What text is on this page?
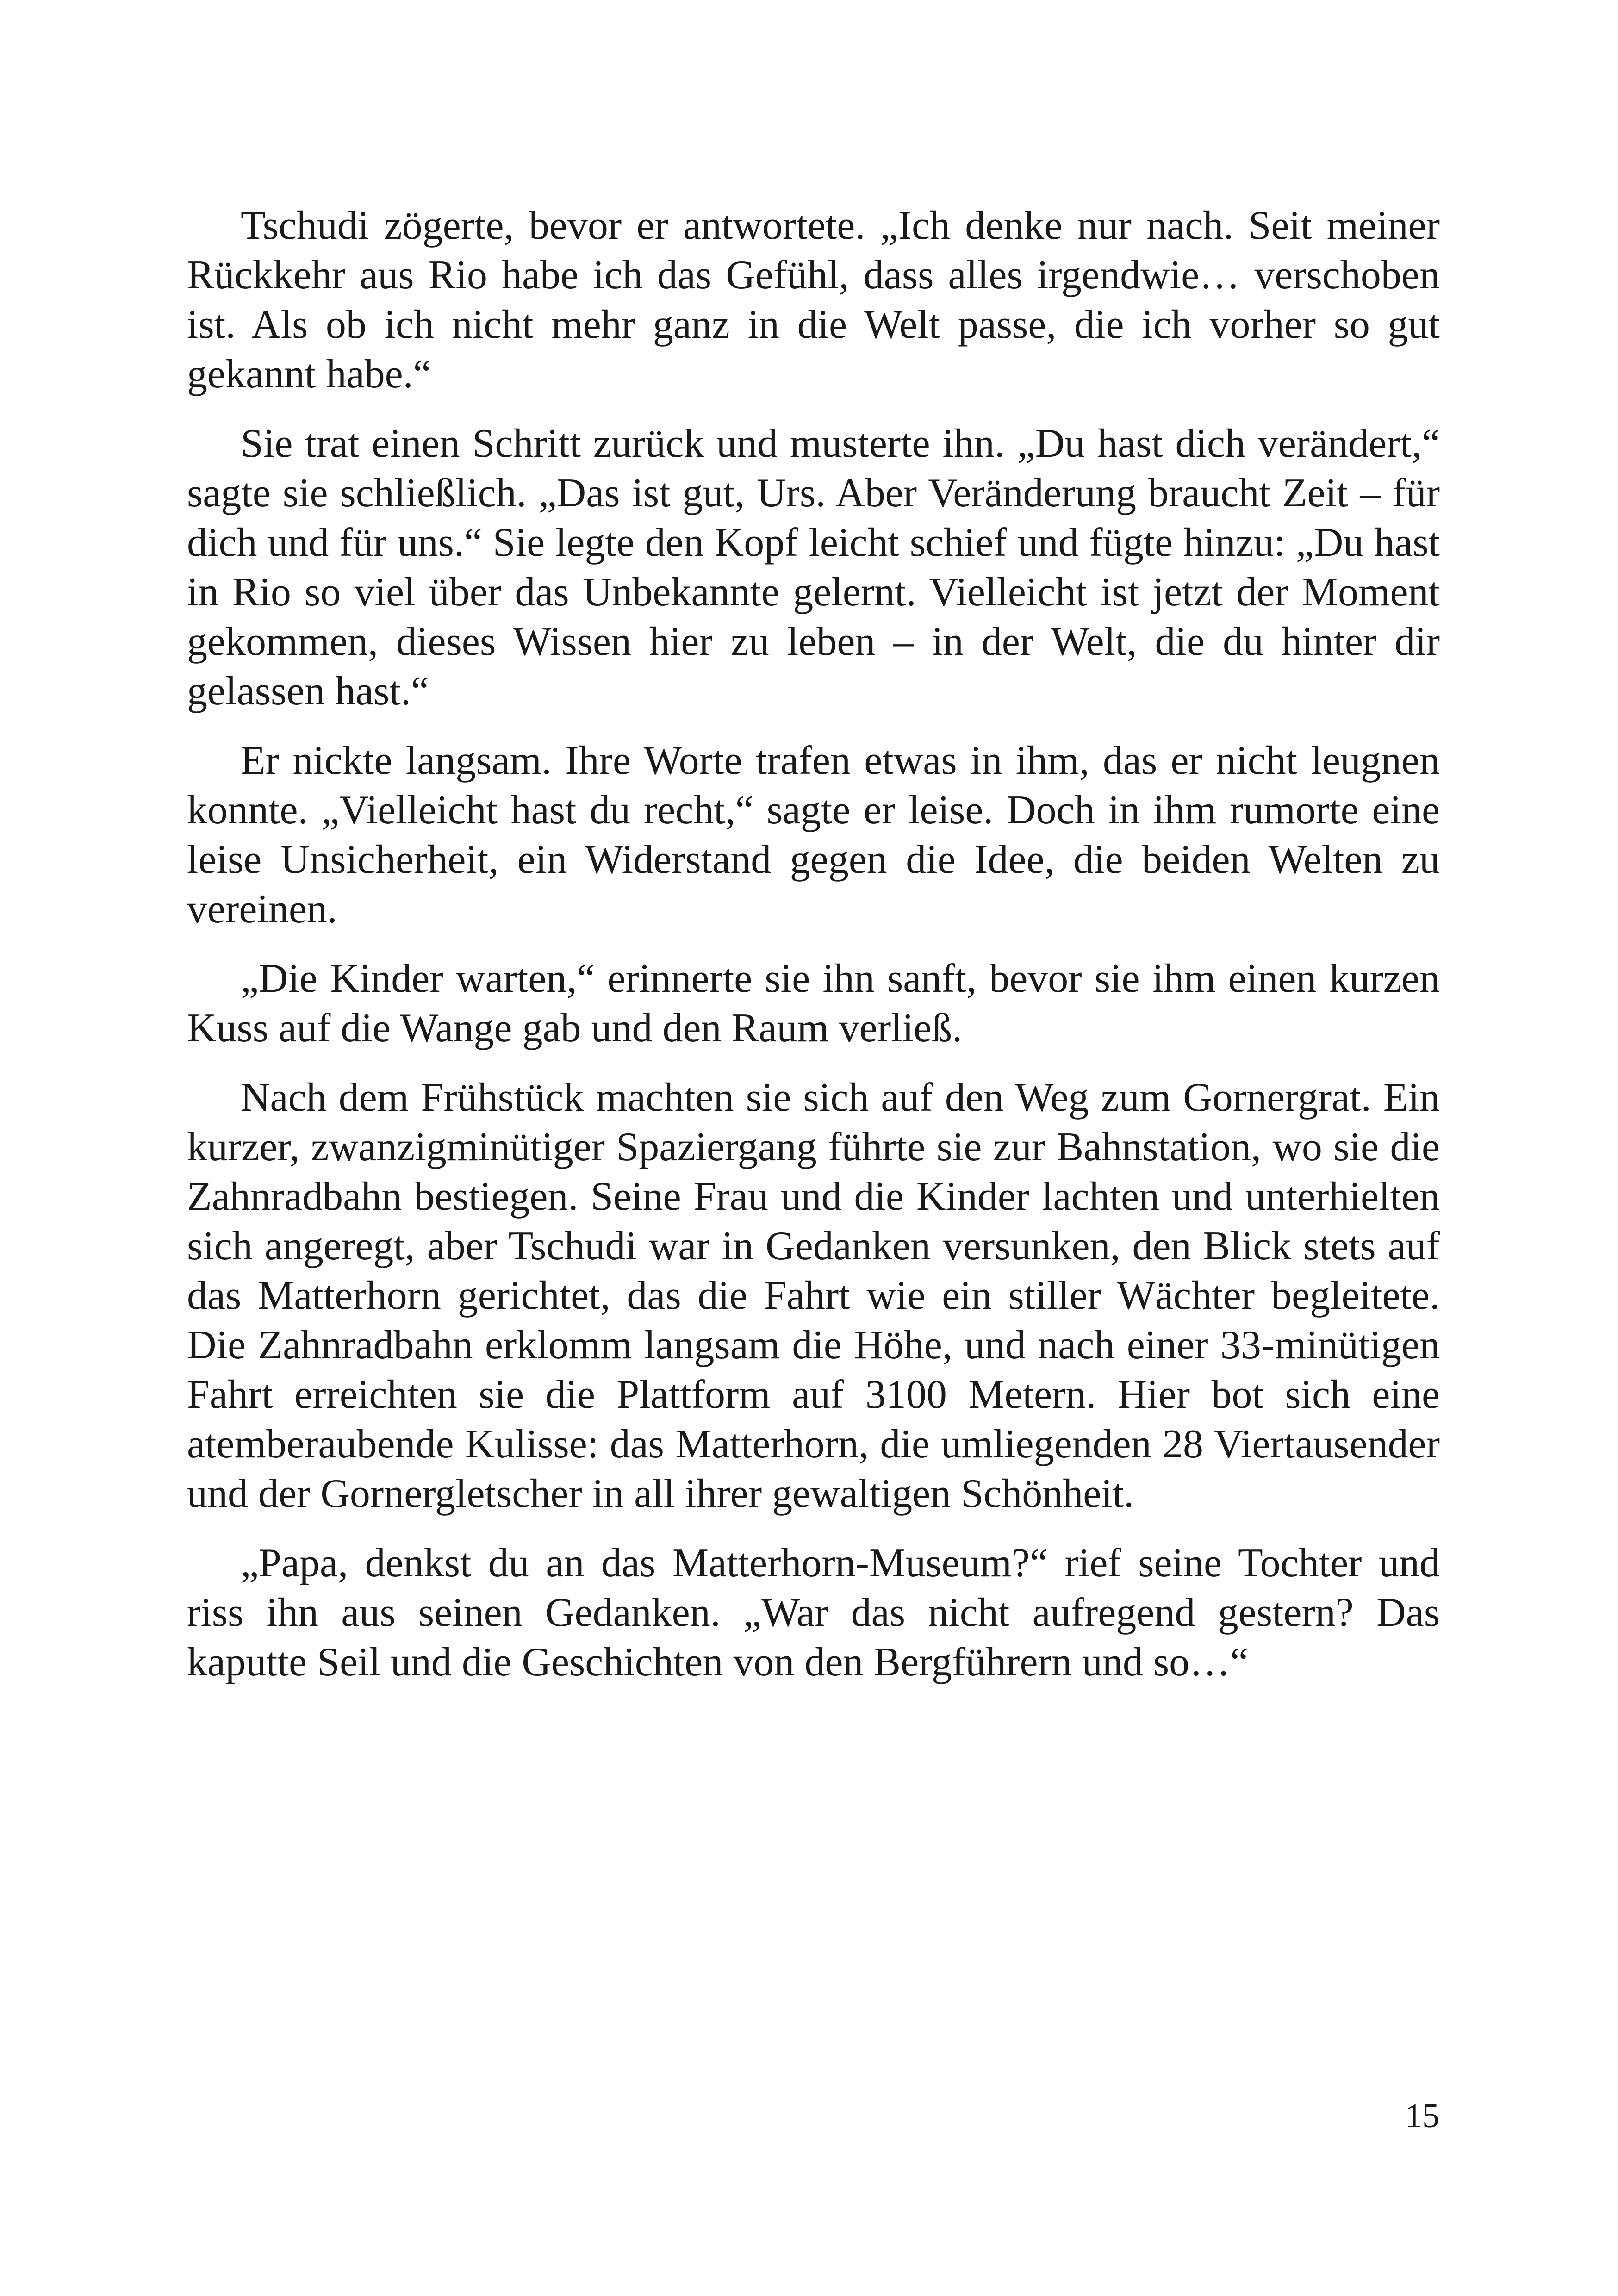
Tschudi zögerte, bevor er antwortete. „Ich denke nur nach. Seit meiner Rückkehr aus Rio habe ich das Gefühl, dass alles irgendwie… verschoben ist. Als ob ich nicht mehr ganz in die Welt passe, die ich vorher so gut gekannt habe.“

Sie trat einen Schritt zurück und musterte ihn. „Du hast dich verändert,“ sagte sie schließlich. „Das ist gut, Urs. Aber Veränderung braucht Zeit – für dich und für uns.“ Sie legte den Kopf leicht schief und fügte hinzu: „Du hast in Rio so viel über das Unbekannte gelernt. Vielleicht ist jetzt der Moment gekommen, dieses Wissen hier zu leben – in der Welt, die du hinter dir gelassen hast.“

Er nickte langsam. Ihre Worte trafen etwas in ihm, das er nicht leugnen konnte. „Vielleicht hast du recht,“ sagte er leise. Doch in ihm rumorte eine leise Unsicherheit, ein Widerstand gegen die Idee, die beiden Welten zu vereinen.

„Die Kinder warten,“ erinnerte sie ihn sanft, bevor sie ihm einen kurzen Kuss auf die Wange gab und den Raum verließ.

Nach dem Frühstück machten sie sich auf den Weg zum Gornergrat. Ein kurzer, zwanzigminütiger Spaziergang führte sie zur Bahnstation, wo sie die Zahnradbahn bestiegen. Seine Frau und die Kinder lachten und unterhielten sich angeregt, aber Tschudi war in Gedanken versunken, den Blick stets auf das Matterhorn gerichtet, das die Fahrt wie ein stiller Wächter begleitete. Die Zahnradbahn erklomm langsam die Höhe, und nach einer 33-minütigen Fahrt erreichten sie die Plattform auf 3100 Metern. Hier bot sich eine atemberaubende Kulisse: das Matterhorn, die umliegenden 28 Viertausender und der Gornergletscher in all ihrer gewaltigen Schönheit.

„Papa, denkst du an das Matterhorn-Museum?“ rief seine Tochter und riss ihn aus seinen Gedanken. „War das nicht aufregend gestern? Das kaputte Seil und die Geschichten von den Bergführern und so…“

15
